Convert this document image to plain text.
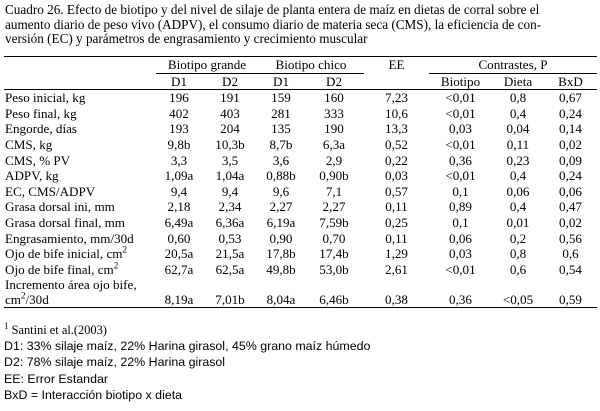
Cuadro 26. Efecto de biotipo y del nivel de silaje de planta entera de maíz en dietas de corral sobre el

aumento diario de peso vivo (ADPV), el consumo diario de materia seca (CMS), la eficiencia de con-

versión (EC) y parámetros de engrasamiento y crecimiento muscular

	Biotipo grande		Biotipo chico		EE	Contrastes, P		
	D1	D2	D1	D2		Biotipo	Dieta	BxD
Peso inicial, kg	196	191	159	160	7,23	<0,01	0,8	0,67
Peso final, kg	402	403	281	333	10,6	<0,01	0,4	0,24
Engorde, días	193	204	135	190	13,3	0,03	0,04	0,14
CMS, kg	9,8b	10,3b	8,7b	6,3a	0,52	<0,01	0,11	0,02
CMS, % PV	3,3	3,5	3,6	2,9	0,22	0,36	0,23	0,09
ADPV, kg	1,09a	1,04a	0,88b	0,90b	0,03	<0,01	0,4	0,24
EC, CMS/ADPV	9,4	9,4	9,6	7,1	0,57	0,1	0,06	0,06
Grasa dorsal ini, mm	2,18	2,34	2,27	2,27	0,11	0,89	0,4	0,47
Grasa dorsal final, mm	6,49a	6,36a	6,19a	7,59b	0,25	0,1	0,01	0,02
Engrasamiento, mm/30d	0,60	0,53	0,90	0,70	0,11	0,06	0,2	0,56
Ojo de bife inicial, $cm^2$	20,5a	21,5a	17,8b	17,4b	1,29	0,03	0,8	0,6
Ojo de bife final, $cm^2$	62,7a	62,5a	49,8b	53,0b	2,61	<0,01	0,6	0,54
Incremento área ojo bife,
$cm^2/30d$	8,19a	7,01b	8,04a	6,46b	0,38	0,36	<0,05	0,59
$^1$ Santini et al.(2003)
D1: 33% silaje maíz, 22% Harina girasol, 45% grano maíz húmedo
D2: 78% silaje maíz, 22% Harina girasol
EE: Error Estandar
BxD = Interacción biotipo x dieta
